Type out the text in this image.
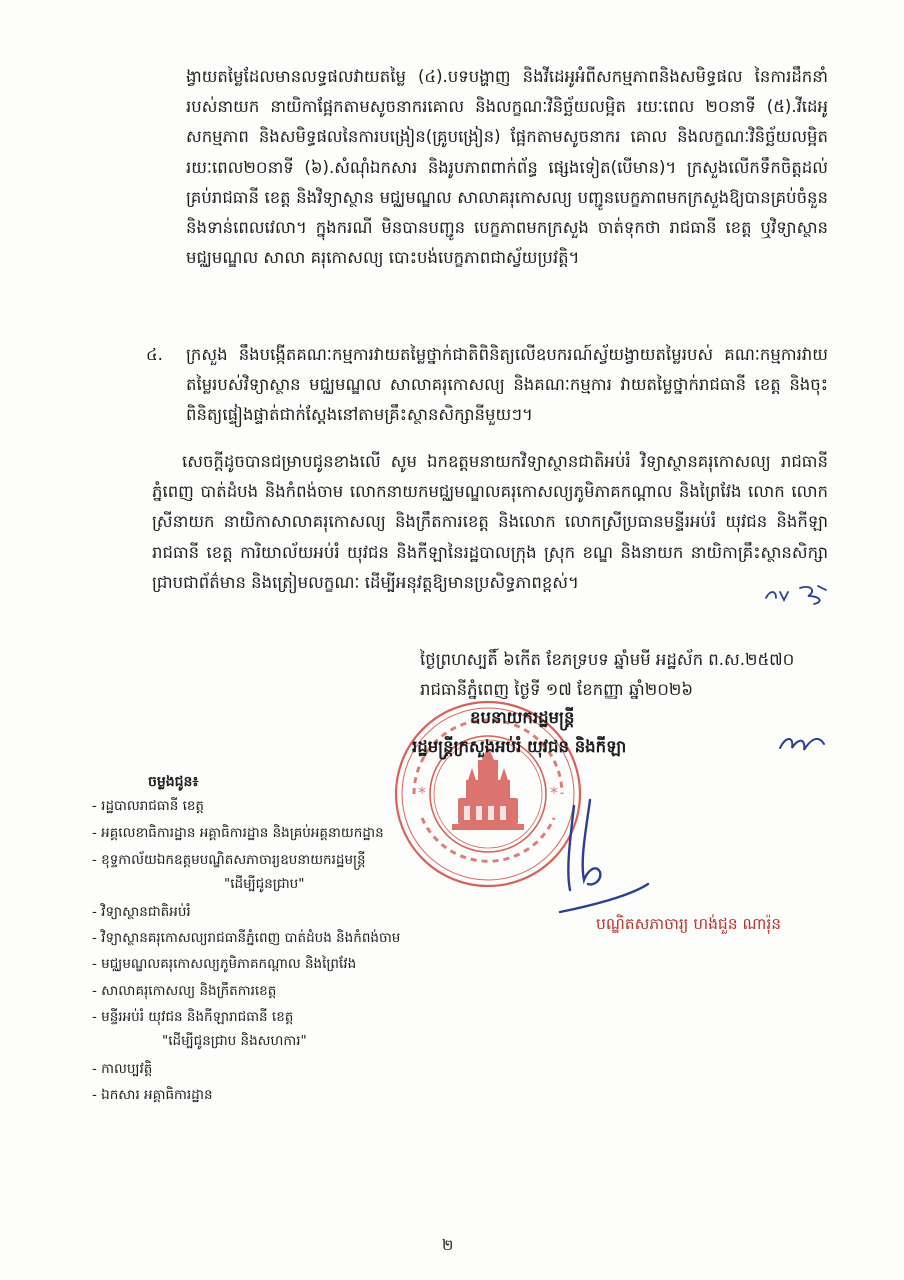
ង្វាយតម្លៃដែលមានលទ្ធផលវាយតម្លៃ (៤).បទបង្ហាញ និងវីដេអូអំពីសកម្មភាពនិងសមិទ្ធផល នៃការដឹកនាំរបស់នាយក នាយិកាផ្អែកតាមសូចនាករគោល និងលក្ខណៈវិនិច្ឆ័យលម្អិត រយៈពេល ២០នាទី (៥).វីដេអូសកម្មភាព និងសមិទ្ធផលនៃការបង្រៀន(គ្រូបង្រៀន) ផ្អែកតាមសូចនាករ គោល និងលក្ខណៈវិនិច្ឆ័យលម្អិត រយៈពេល២០នាទី (៦).សំណុំឯកសារ និងរូបភាពពាក់ព័ន្ធ ផ្សេងទៀត(បើមាន)។ ក្រសួងលើកទឹកចិត្តដល់គ្រប់រាជធានី ខេត្ត និងវិទ្យាស្ថាន មជ្ឈមណ្ឌល សាលាគរុកោសល្យ បញ្ជូនបេក្ខភាពមកក្រសួងឱ្យបានគ្រប់ចំនួន និងទាន់ពេលវេលា។ ក្នុងករណី មិនបានបញ្ជូន បេក្ខភាពមកក្រសួង ចាត់ទុកថា រាជធានី ខេត្ត ឬវិទ្យាស្ថាន មជ្ឈមណ្ឌល សាលា គរុកោសល្យ បោះបង់បេក្ខភាពជាស្វ័យប្រវត្តិ។

៤. ក្រសួង នឹងបង្កើតគណៈកម្មការវាយតម្លៃថ្នាក់ជាតិពិនិត្យលើឧបករណ៍ស្វ័យង្វាយតម្លៃរបស់ គណៈកម្មការវាយតម្លៃរបស់វិទ្យាស្ថាន មជ្ឈមណ្ឌល សាលាគរុកោសល្យ និងគណៈកម្មការ វាយតម្លៃថ្នាក់រាជធានី ខេត្ត និងចុះពិនិត្យផ្ទៀងផ្ទាត់ជាក់ស្តែងនៅតាមគ្រឹះស្ថានសិក្សានីមួយៗ។

សេចក្តីដូចបានជម្រាបជូនខាងលើ សូម ឯកឧត្តមនាយកវិទ្យាស្ថានជាតិអប់រំ វិទ្យាស្ថានគរុកោសល្យ រាជធានីភ្នំពេញ បាត់ដំបង និងកំពង់ចាម លោកនាយកមជ្ឈមណ្ឌលគរុកោសល្យភូមិភាគកណ្តាល និងព្រៃវែង លោក លោកស្រីនាយក នាយិកាសាលាគរុកោសល្យ និងក្រឹតការខេត្ត និងលោក លោកស្រីប្រធានមន្ទីរអប់រំ យុវជន និងកីឡារាជធានី ខេត្ត ការិយាល័យអប់រំ យុវជន និងកីឡានៃរដ្ឋបាលក្រុង ស្រុក ខណ្ឌ និងនាយក នាយិកាគ្រឹះស្ថានសិក្សា ជ្រាបជាព័ត៌មាន និងត្រៀមលក្ខណៈ ដើម្បីអនុវត្តឱ្យមានប្រសិទ្ធភាពខ្ពស់។

ថ្ងៃព្រហស្បតិ៍ ៦កើត ខែភទ្របទ ឆ្នាំមមី អដ្ឋស័ក ព.ស.២៥៧០
រាជធានីភ្នំពេញ ថ្ងៃទី ១៧ ខែកញ្ញា ឆ្នាំ២០២៦
*	*
ឧបនាយករដ្ឋមន្ត្រី
រដ្ឋមន្ត្រីក្រសួងអប់រំ យុវជន និងកីឡា
បណ្ឌិតសភាចារ្យ ហង់ជួន ណារ៉ុន
ចម្លងជូន៖
- រដ្ឋបាលរាជធានី ខេត្ត
- អគ្គលេខាធិការដ្ឋាន អគ្គាធិការដ្ឋាន និងគ្រប់អគ្គនាយកដ្ឋាន
- ខុទ្ទកាល័យឯកឧត្តមបណ្ឌិតសភាចារ្យឧបនាយករដ្ឋមន្ត្រី
"ដើម្បីជូនជ្រាប"
- វិទ្យាស្ថានជាតិអប់រំ
- វិទ្យាស្ថានគរុកោសល្យរាជធានីភ្នំពេញ បាត់ដំបង និងកំពង់ចាម
- មជ្ឈមណ្ឌលគរុកោសល្យភូមិភាគកណ្តាល និងព្រៃវែង
- សាលាគរុកោសល្យ និងក្រឹតការខេត្ត
- មន្ទីរអប់រំ យុវជន និងកីឡារាជធានី ខេត្ត
"ដើម្បីជូនជ្រាប និងសហការ"
- កាលប្បវត្តិ
- ឯកសារ អគ្គាធិការដ្ឋាន
២
